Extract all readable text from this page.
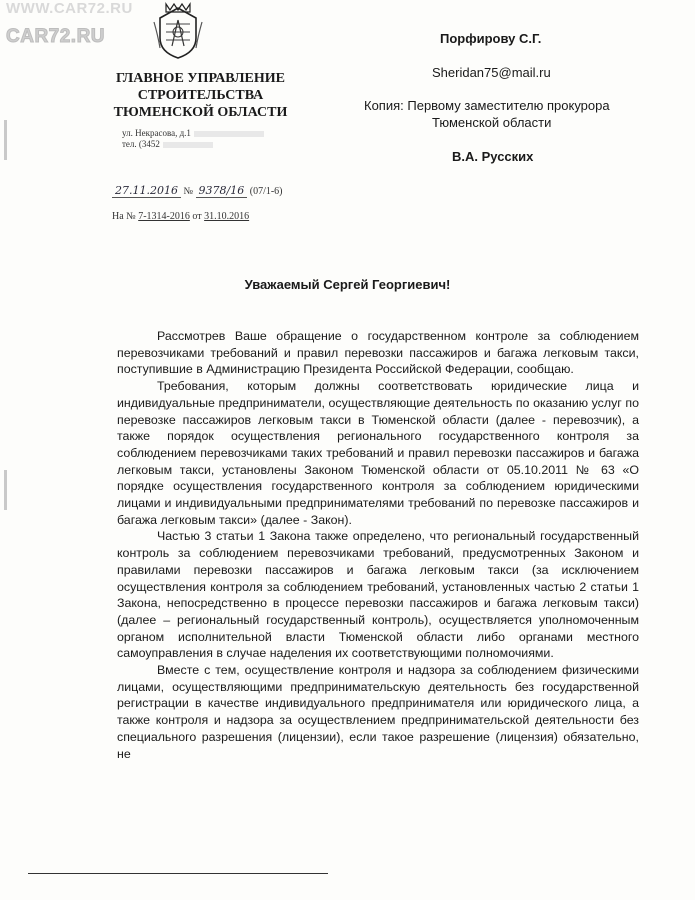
WWW.CAR72.RU
CAR72.RU
ГЛАВНОЕ УПРАВЛЕНИЕ
СТРОИТЕЛЬСТВА
ТЮМЕНСКОЙ ОБЛАСТИ
ул. Некрасова, д.1
тел. (3452
27.11.2016 № 9378/16 (07/1-6)
На № 7-1314-2016 от 31.10.2016
Порфирову С.Г.
Sheridan75@mail.ru
Копия: Первому заместителю прокурора
Тюменской области
В.А. Русских
Уважаемый Сергей Георгиевич!

Рассмотрев Ваше обращение о государственном контроле за соблюдением перевозчиками требований и правил перевозки пассажиров и багажа легковым такси, поступившие в Администрацию Президента Российской Федерации, сообщаю.

Требования, которым должны соответствовать юридические лица и индивидуальные предприниматели, осуществляющие деятельность по оказанию услуг по перевозке пассажиров легковым такси в Тюменской области (далее - перевозчик), а также порядок осуществления регионального государственного контроля за соблюдением перевозчиками таких требований и правил перевозки пассажиров и багажа легковым такси, установлены Законом Тюменской области от 05.10.2011 № 63 «О порядке осуществления государственного контроля за соблюдением юридическими лицами и индивидуальными предпринимателями требований по перевозке пассажиров и багажа легковым такси» (далее - Закон).

Частью 3 статьи 1 Закона также определено, что региональный государственный контроль за соблюдением перевозчиками требований, предусмотренных Законом и правилами перевозки пассажиров и багажа легковым такси (за исключением осуществления контроля за соблюдением требований, установленных частью 2 статьи 1 Закона, непосредственно в процессе перевозки пассажиров и багажа легковым такси) (далее – региональный государственный контроль), осуществляется уполномоченным органом исполнительной власти Тюменской области либо органами местного самоуправления в случае наделения их соответствующими полномочиями.

Вместе с тем, осуществление контроля и надзора за соблюдением физическими лицами, осуществляющими предпринимательскую деятельность без государственной регистрации в качестве индивидуального предпринимателя или юридического лица, а также контроля и надзора за осуществлением предпринимательской деятельности без специального разрешения (лицензии), если такое разрешение (лицензия) обязательно, не
